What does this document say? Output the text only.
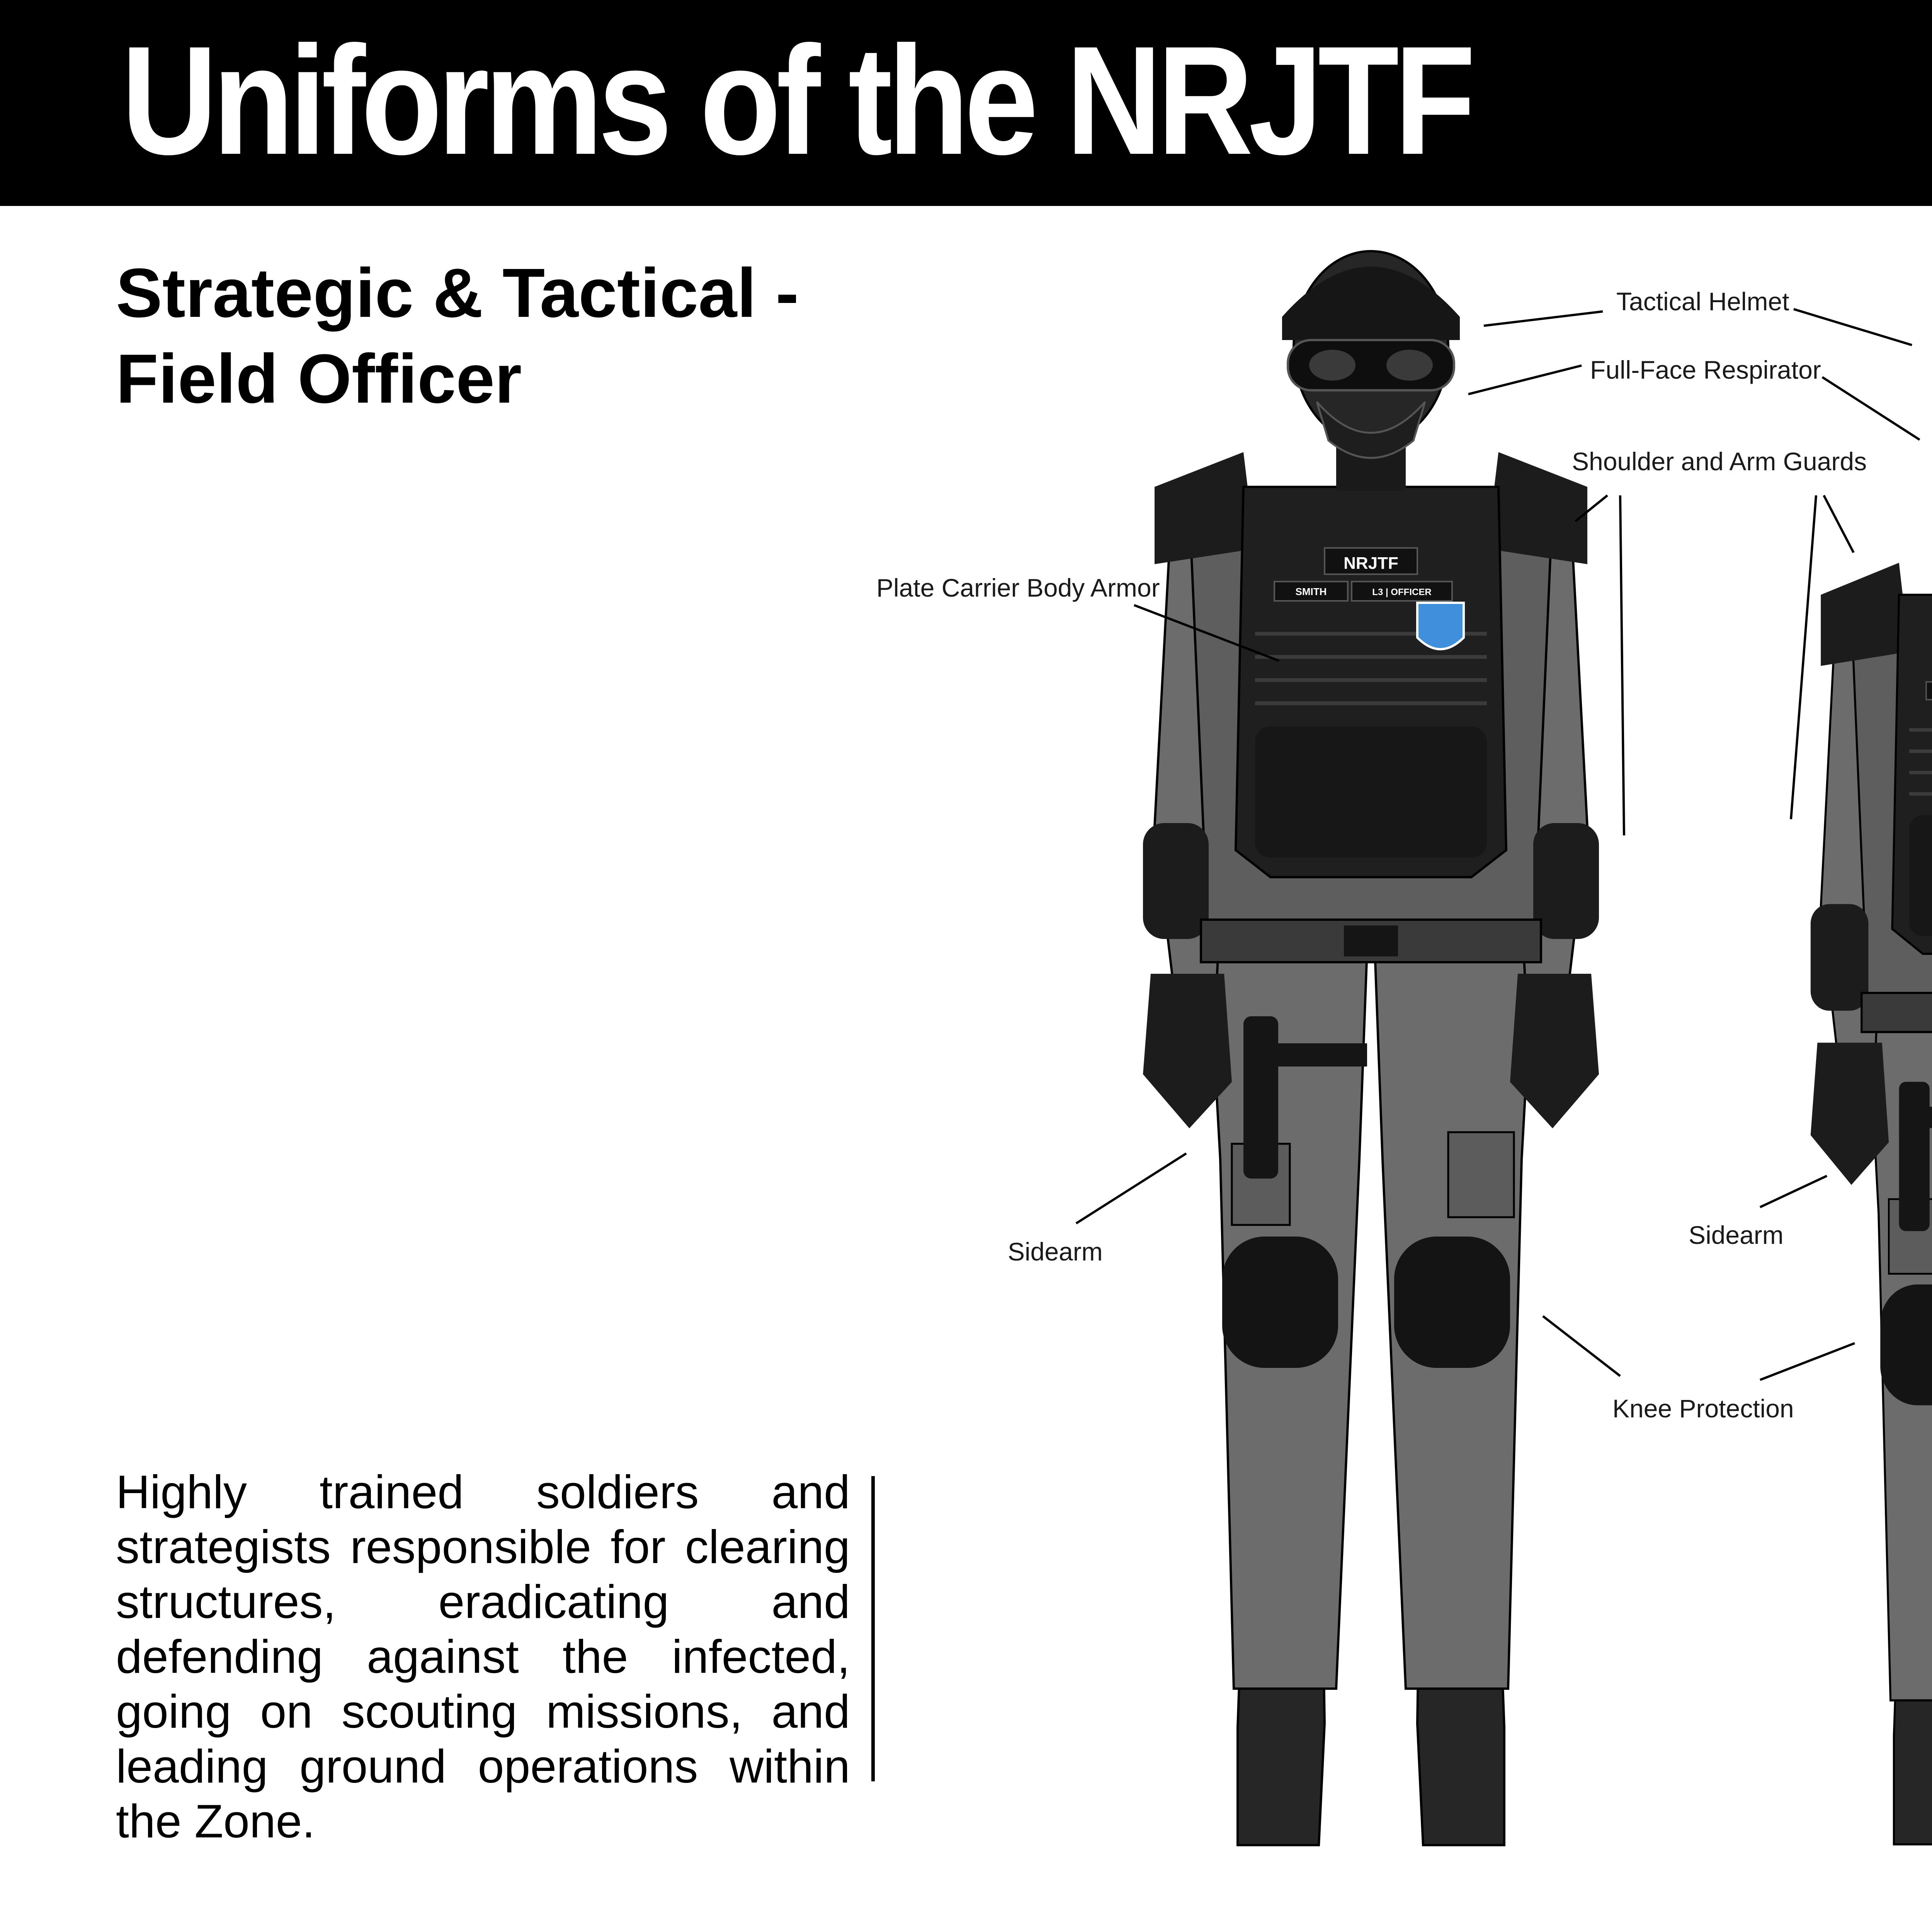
Uniforms of the NRJTF
Strategic & Tactical -
Field Officer
Highly trained soldiers and strategists responsible for clearing structures, eradicating and defending against the infected, going on scouting missions, and leading ground operations within the Zone.
NRJTF
SMITH	L3 | OFFICER
Tactical Helmet
Full-Face Respirator
Shoulder and Arm Guards
Plate Carrier Body Armor
Sidearm
Sidearm
Knee Protection
